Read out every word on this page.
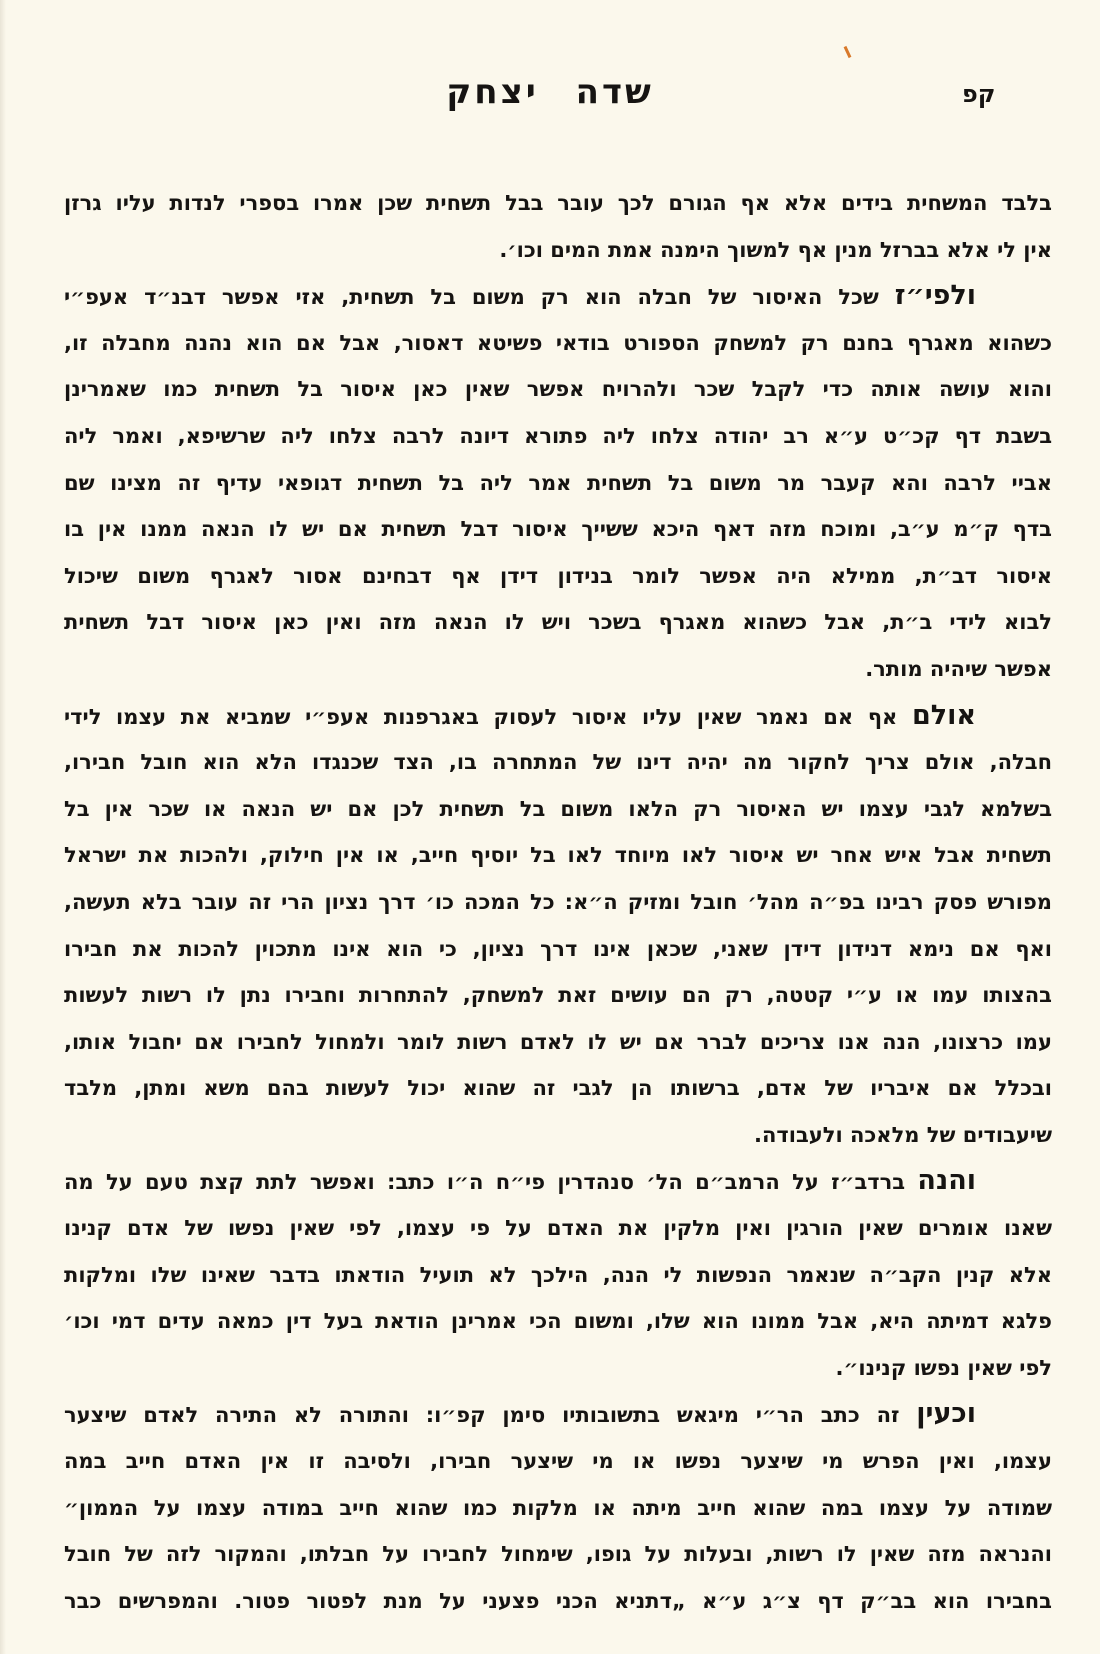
שדה יצחק	קפ
בלבד המשחית בידים אלא אף הגורם לכך עובר בבל תשחית שכן אמרו בספרי לנדות עליו גרזן
אין לי אלא בברזל מנין אף למשוך הימנה אמת המים וכו׳.
ולפי״ז שכל האיסור של חבלה הוא רק משום בל תשחית, אזי אפשר דבנ״ד אעפ״י
כשהוא מאגרף בחנם רק למשחק הספורט בודאי פשיטא דאסור, אבל אם הוא נהנה מחבלה זו,
והוא עושה אותה כדי לקבל שכר ולהרויח אפשר שאין כאן איסור בל תשחית כמו שאמרינן
בשבת דף קכ״ט ע״א רב יהודה צלחו ליה פתורא דיונה לרבה צלחו ליה שרשיפא, ואמר ליה
אביי לרבה והא קעבר מר משום בל תשחית אמר ליה בל תשחית דגופאי עדיף זה מצינו שם
בדף ק״מ ע״ב, ומוכח מזה דאף היכא ששייך איסור דבל תשחית אם יש לו הנאה ממנו אין בו
איסור דב״ת, ממילא היה אפשר לומר בנידון דידן אף דבחינם אסור לאגרף משום שיכול
לבוא לידי ב״ת, אבל כשהוא מאגרף בשכר ויש לו הנאה מזה ואין כאן איסור דבל תשחית
אפשר שיהיה מותר.
אולם אף אם נאמר שאין עליו איסור לעסוק באגרפנות אעפ״י שמביא את עצמו לידי
חבלה, אולם צריך לחקור מה יהיה דינו של המתחרה בו, הצד שכנגדו הלא הוא חובל חבירו,
בשלמא לגבי עצמו יש האיסור רק הלאו משום בל תשחית לכן אם יש הנאה או שכר אין בל
תשחית אבל איש אחר יש איסור לאו מיוחד לאו בל יוסיף חייב, או אין חילוק, ולהכות את ישראל
מפורש פסק רבינו בפ״ה מהל׳ חובל ומזיק ה״א: כל המכה כו׳ דרך נציון הרי זה עובר בלא תעשה,
ואף אם נימא דנידון דידן שאני, שכאן אינו דרך נציון, כי הוא אינו מתכוין להכות את חבירו
בהצותו עמו או ע״י קטטה, רק הם עושים זאת למשחק, להתחרות וחבירו נתן לו רשות לעשות
עמו כרצונו, הנה אנו צריכים לברר אם יש לו לאדם רשות לומר ולמחול לחבירו אם יחבול אותו,
ובכלל אם איבריו של אדם, ברשותו הן לגבי זה שהוא יכול לעשות בהם משא ומתן, מלבד
שיעבודים של מלאכה ולעבודה.
והנה ברדב״ז על הרמב״ם הל׳ סנהדרין פי״ח ה״ו כתב: ואפשר לתת קצת טעם על מה
שאנו אומרים שאין הורגין ואין מלקין את האדם על פי עצמו, לפי שאין נפשו של אדם קנינו
אלא קנין הקב״ה שנאמר הנפשות לי הנה, הילכך לא תועיל הודאתו בדבר שאינו שלו ומלקות
פלגא דמיתה היא, אבל ממונו הוא שלו, ומשום הכי אמרינן הודאת בעל דין כמאה עדים דמי וכו׳
לפי שאין נפשו קנינו״.
וכעין זה כתב הר״י מיגאש בתשובותיו סימן קפ״ו: והתורה לא התירה לאדם שיצער
עצמו, ואין הפרש מי שיצער נפשו או מי שיצער חבירו, ולסיבה זו אין האדם חייב במה
שמודה על עצמו במה שהוא חייב מיתה או מלקות כמו שהוא חייב במודה עצמו על הממון״
והנראה מזה שאין לו רשות, ובעלות על גופו, שימחול לחבירו על חבלתו, והמקור לזה של חובל
בחבירו הוא בב״ק דף צ״ג ע״א „דתניא הכני פצעני על מנת לפטור פטור. והמפרשים כבר
